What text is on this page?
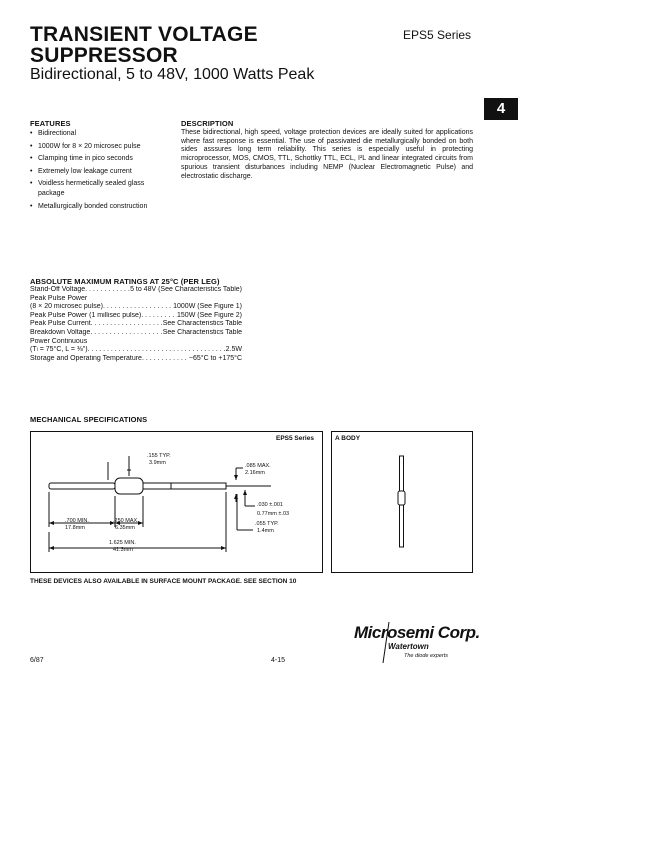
TRANSIENT VOLTAGE
SUPPRESSOR
Bidirectional, 5 to 48V, 1000 Watts Peak
EPS5 Series
4
FEATURES
• Bidirectional
• 1000W for 8 × 20 microsec pulse
• Clamping time in pico seconds
• Extremely low leakage current
• Voidless hermetically sealed glass package
• Metallurgically bonded construction
DESCRIPTION
These bidirectional, high speed, voltage protection devices are ideally suited for applications where fast response is essential. The use of passivated die metallurgically bonded on both sides asssures long term reliability. This series is especially useful in protecting microprocessor, MOS, CMOS, TTL, Schottky TTL, ECL, I²L and linear integrated circuits from spurious transient disturbances including NEMP (Nuclear Electromagnetic Pulse) and electrostatic discharge.
ABSOLUTE MAXIMUM RATINGS AT 25°C (PER LEG)
Stand-Off Voltage . . .	5 to 48V (See Characteristics Table)
Peak Pulse Power
(8 × 20 microsec pulse) . . .	1000W (See Figure 1)
Peak Pulse Power (1 millisec pulse) . . .	150W (See Figure 2)
Peak Pulse Current . . .	See Characteristics Table
Breakdown Voltage . . .	See Characteristics Table
Power Continuous
(Tₗ = 75°C, L = ⅜") . . .	2.5W
Storage and Operating Temperature . . .	−65°C to +175°C
MECHANICAL SPECIFICATIONS
.155 TYP.
3.9mm	.085 MAX.
2.16mm
.030 ±.001
0.77mm ±.03
.055 TYP.
1.4mm
.700 MIN.
17.8mm
.250 MAX.
6.35mm
1.625 MIN.
41.3mm
EPS5 Series	A BODY
THESE DEVICES ALSO AVAILABLE IN SURFACE MOUNT PACKAGE. SEE SECTION 10
Microsemi Corp.
Watertown
The diode experts
6/87	4-15
